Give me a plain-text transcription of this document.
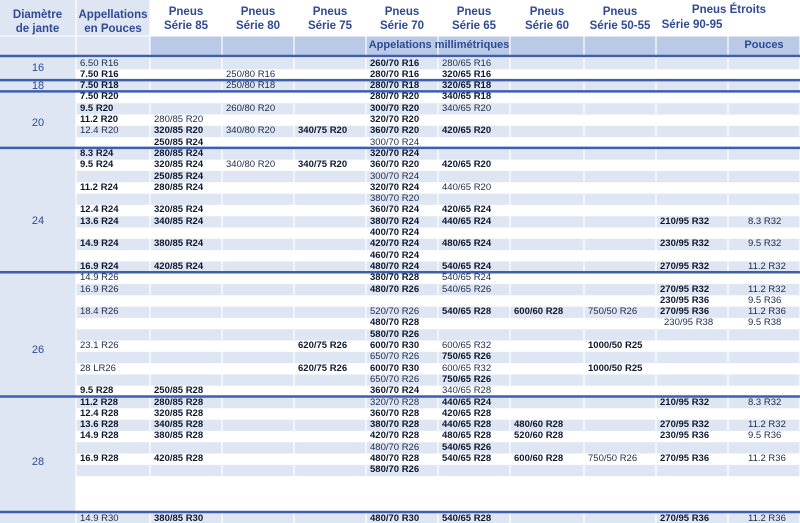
Diamètre
de jante
Appellations
en Pouces
Pneus
Série 85
Pneus
Série 80
Pneus
Série 75
Pneus
Série 70
Pneus
Série 65
Pneus
Série 60
Pneus
Série 50-55
Pneus Étroits
Série 90-95
Appelations millimétriques	Pouces
16
18
20
24
26
28
6.50 R16
7.50 R16
7.50 R18
7.50 R20
9.5 R20
11.2 R20
12.4 R20
8.3 R24
9.5 R24
11.2 R24
12.4 R24
13.6 R24
14.9 R24
16.9 R24
14.9 R26
16.9 R26
18.4 R26
23.1 R26
28 LR26
9.5 R28
11.2 R28
12.4 R28
13.6 R28
14.9 R28
16.9 R28
14.9 R30
280/85 R20
320/85 R20
250/85 R24
280/85 R24
320/85 R24
250/85 R24
280/85 R24
320/85 R24
340/85 R24
380/85 R24
420/85 R24
250/85 R28
280/85 R28
320/85 R28
340/85 R28
380/85 R28
420/85 R28
380/85 R30
250/80 R16
250/80 R18
260/80 R20
340/80 R20
340/80 R20
340/75 R20
340/75 R20
620/75 R26
620/75 R26
260/70 R16
280/70 R16
280/70 R18
280/70 R20
300/70 R20
320/70 R20
360/70 R20
300/70 R24
320/70 R24
360/70 R20
300/70 R24
320/70 R24
380/70 R20
360/70 R24
380/70 R24
400/70 R24
420/70 R24
460/70 R24
480/70 R24
380/70 R28
480/70 R26
520/70 R26
480/70 R28
580/70 R26
600/70 R30
650/70 R26
600/70 R30
650/70 R26
360/70 R24
320/70 R28
360/70 R28
380/70 R28
420/70 R28
480/70 R26
480/70 R28
580/70 R26
480/70 R30
280/65 R16
320/65 R16
320/65 R18
340/65 R18
340/65 R20
420/65 R20
420/65 R20
440/65 R20
420/65 R24
440/65 R24
480/65 R24
540/65 R24
540/65 R24
540/65 R26
540/65 R28
600/65 R32
750/65 R26
600/65 R32
750/65 R26
340/65 R28
440/65 R24
420/65 R28
440/65 R28
480/65 R28
540/65 R26
540/65 R28
540/65 R28
600/60 R28
480/60 R28
520/60 R28
600/60 R28
750/50 R26
1000/50 R25
1000/50 R25
750/50 R26
210/95 R32
230/95 R32
270/95 R32
270/95 R32
230/95 R36
270/95 R36
230/95 R38
210/95 R32
270/95 R32
230/95 R36
270/95 R36
270/95 R36
8.3 R32
9.5 R32
11.2 R32
11.2 R32
9.5 R36
11.2 R36
9.5 R38
8.3 R32
11.2 R32
9.5 R36
11.2 R36
11.2 R36
